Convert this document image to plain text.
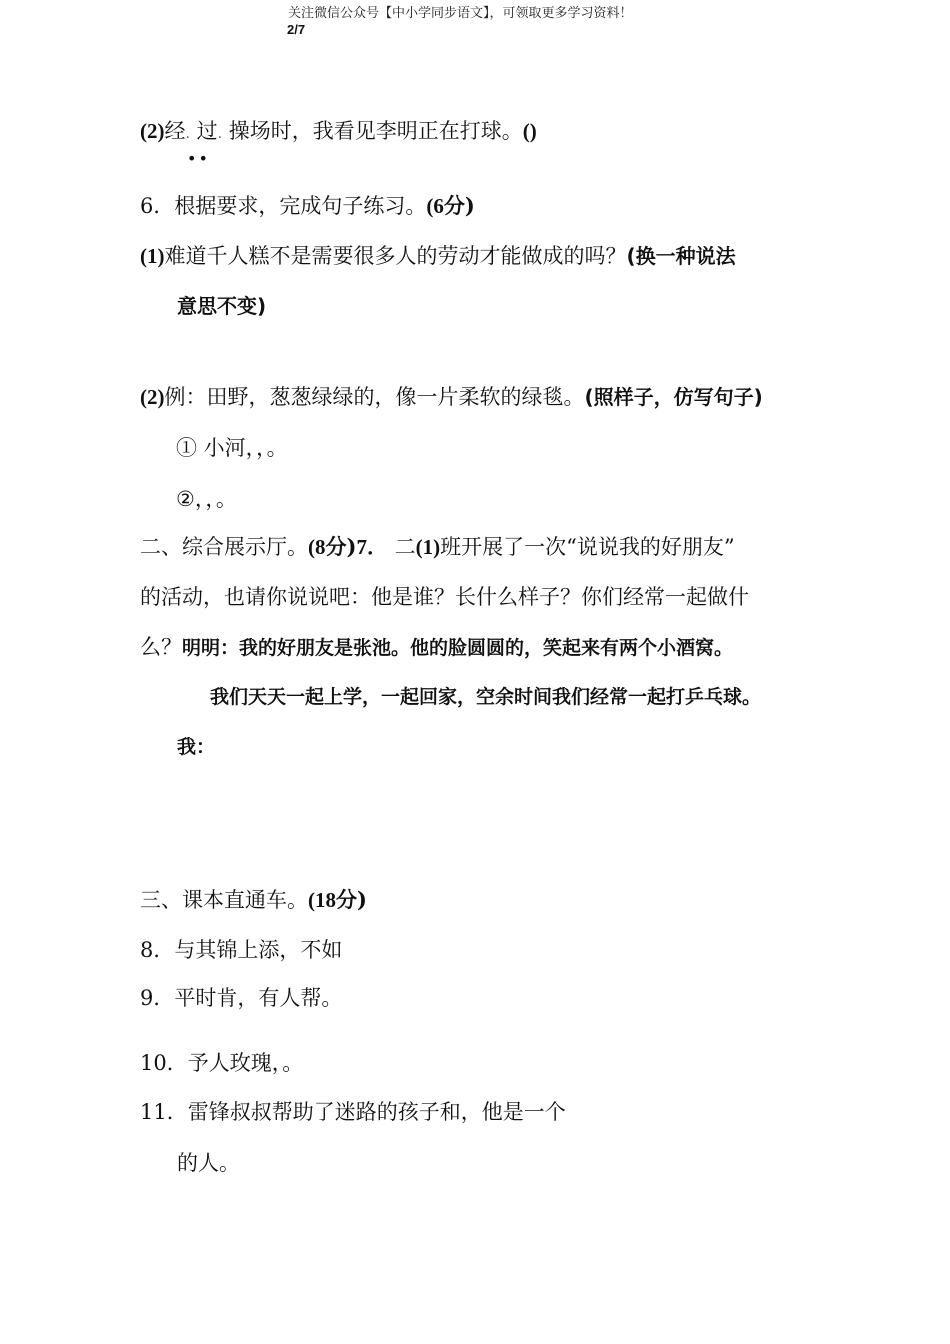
关注微信公众号【中小学同步语文】，可领取更多学习资料！
2/7
(2)经. 过. 操场时，我看见李明正在打球。()
••
6．根据要求，完成句子练习。(6分)
(1)难道千人糕不是需要很多人的劳动才能做成的吗？(换一种说法
意思不变)
(2)例：田野，葱葱绿绿的，像一片柔软的绿毯。(照样子，仿写句子)
① 小河，，。
②，，。
二、综合展示厅。(8分)7． 二(1)班开展了一次“说说我的好朋友”
的活动，也请你说说吧：他是谁？长什么样子？你们经常一起做什
么？明明：我的好朋友是张池。他的脸圆圆的，笑起来有两个小酒窝。
我们天天一起上学，一起回家，空余时间我们经常一起打乒乓球。
我：
三、课本直通车。(18分)
8．与其锦上添，不如
9．平时肯，有人帮。
10．予人玫瑰，。
11．雷锋叔叔帮助了迷路的孩子和，他是一个
的人。
